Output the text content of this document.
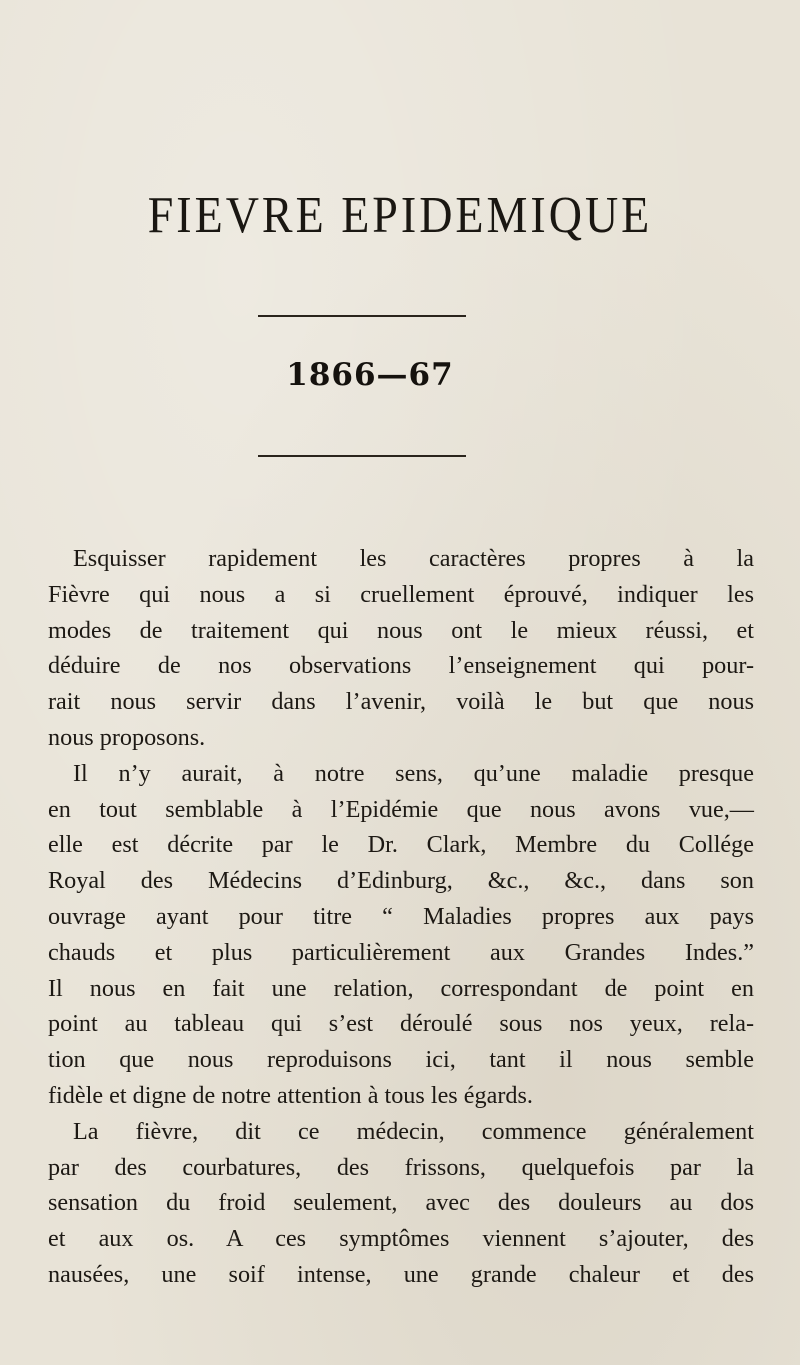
FIEVRE EPIDEMIQUE
1866—67
Esquisser rapidement les caractères propres à la
Fièvre qui nous a si cruellement éprouvé, indiquer les
modes de traitement qui nous ont le mieux réussi, et
déduire de nos observations l’enseignement qui pour-
rait nous servir dans l’avenir, voilà le but que nous
nous proposons.
Il n’y aurait, à notre sens, qu’une maladie presque
en tout semblable à l’Epidémie que nous avons vue,—
elle est décrite par le Dr. Clark, Membre du Collége
Royal des Médecins d’Edinburg, &c., &c., dans son
ouvrage ayant pour titre “ Maladies propres aux pays
chauds et plus particulièrement aux Grandes Indes.”
Il nous en fait une relation, correspondant de point en
point au tableau qui s’est déroulé sous nos yeux, rela-
tion que nous reproduisons ici, tant il nous semble
fidèle et digne de notre attention à tous les égards.
La fièvre, dit ce médecin, commence généralement
par des courbatures, des frissons, quelquefois par la
sensation du froid seulement, avec des douleurs au dos
et aux os. A ces symptômes viennent s’ajouter, des
nausées, une soif intense, une grande chaleur et des
